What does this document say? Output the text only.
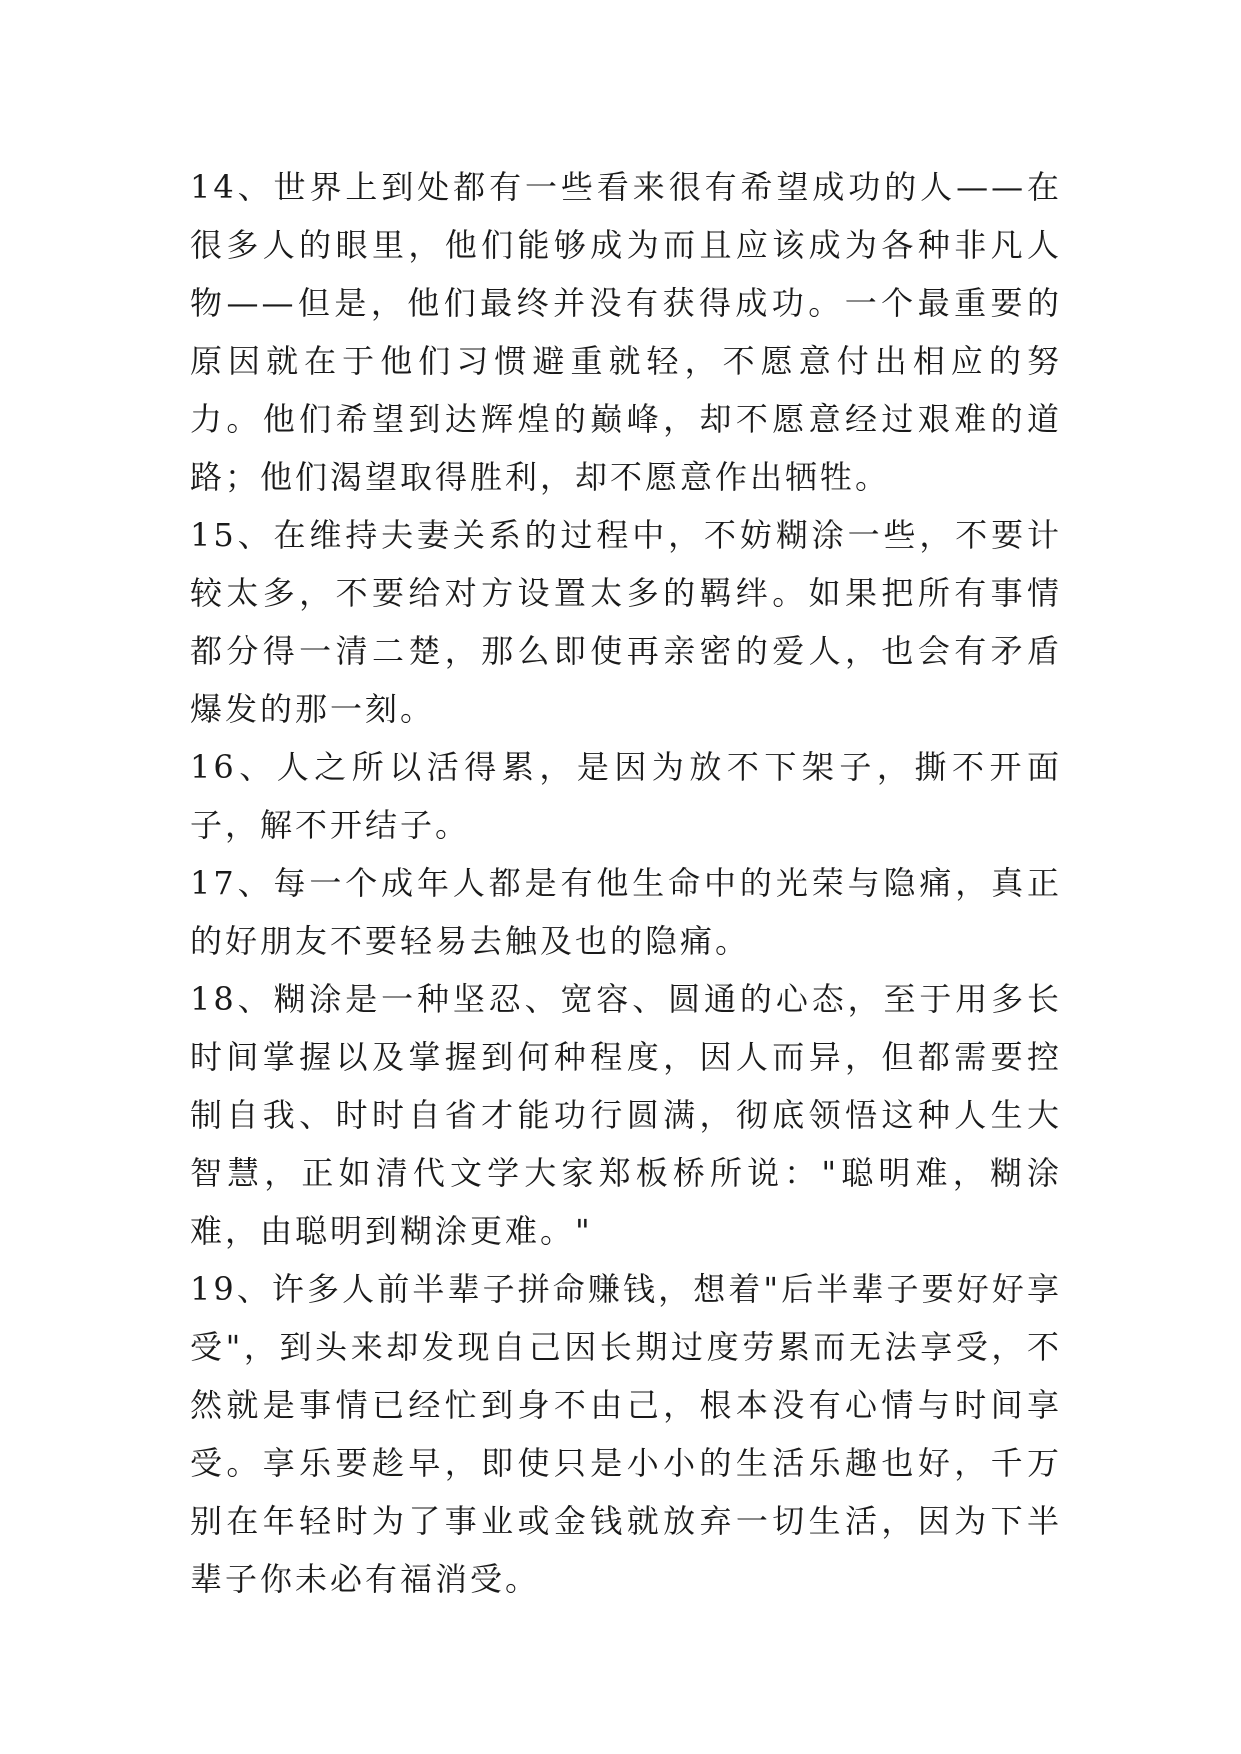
14、世界上到处都有一些看来很有希望成功的人——在很多人的眼里，他们能够成为而且应该成为各种非凡人物——但是，他们最终并没有获得成功。一个最重要的原因就在于他们习惯避重就轻，不愿意付出相应的努力。他们希望到达辉煌的巅峰，却不愿意经过艰难的道路；他们渴望取得胜利，却不愿意作出牺牲。

15、在维持夫妻关系的过程中，不妨糊涂一些，不要计较太多，不要给对方设置太多的羁绊。如果把所有事情都分得一清二楚，那么即使再亲密的爱人，也会有矛盾爆发的那一刻。

16、人之所以活得累，是因为放不下架子，撕不开面子，解不开结子。

17、每一个成年人都是有他生命中的光荣与隐痛，真正的好朋友不要轻易去触及也的隐痛。

18、糊涂是一种坚忍、宽容、圆通的心态，至于用多长时间掌握以及掌握到何种程度，因人而异，但都需要控制自我、时时自省才能功行圆满，彻底领悟这种人生大智慧，正如清代文学大家郑板桥所说："聪明难，糊涂难，由聪明到糊涂更难。"

19、许多人前半辈子拼命赚钱，想着"后半辈子要好好享受"，到头来却发现自己因长期过度劳累而无法享受，不然就是事情已经忙到身不由己，根本没有心情与时间享受。享乐要趁早，即使只是小小的生活乐趣也好，千万别在年轻时为了事业或金钱就放弃一切生活，因为下半辈子你未必有福消受。
